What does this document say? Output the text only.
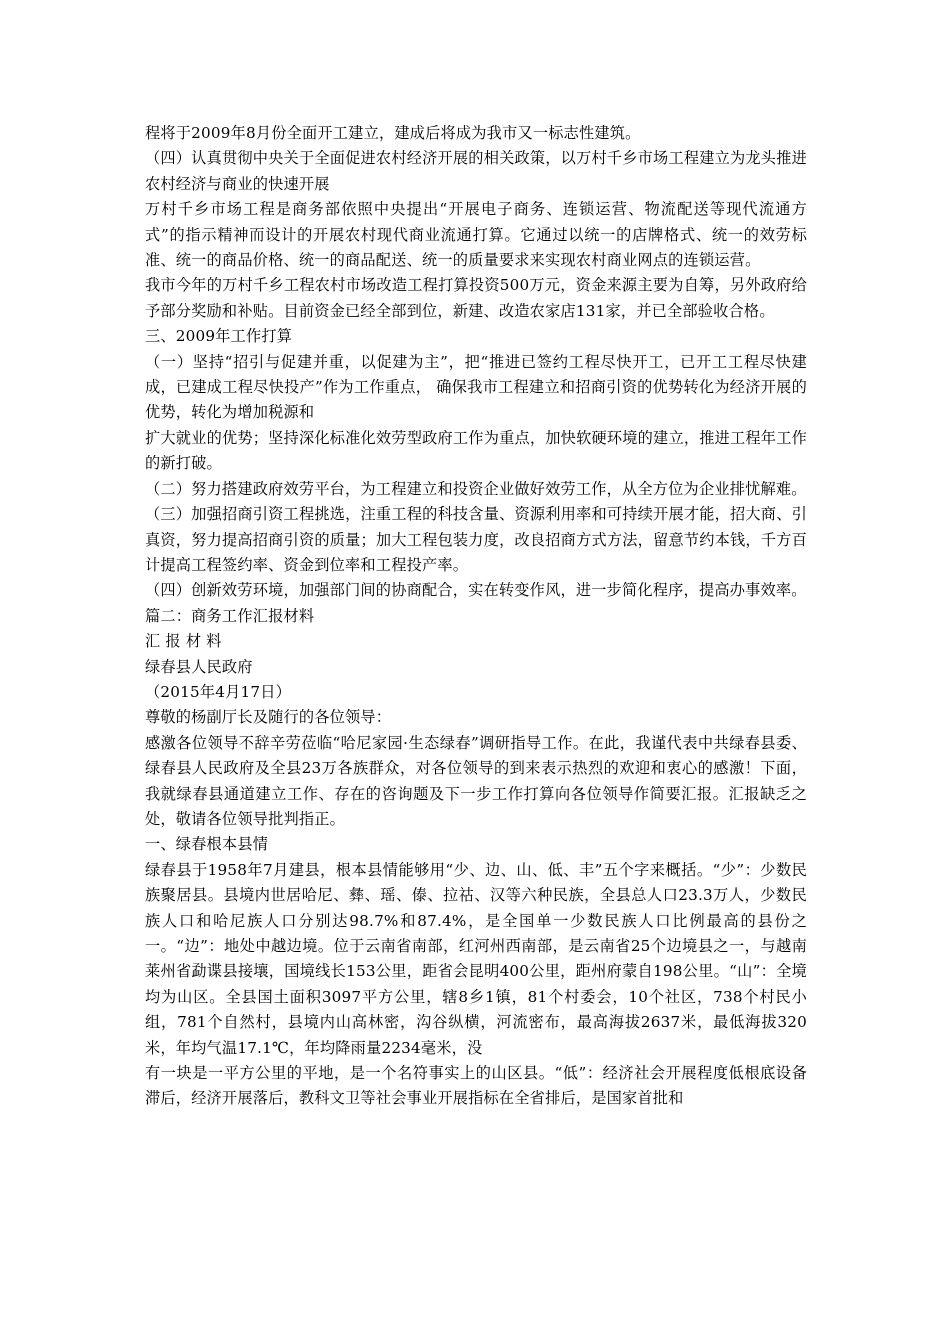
程将于2009年8月份全面开工建立，建成后将成为我市又一标志性建筑。

（四）认真贯彻中央关于全面促进农村经济开展的相关政策，以万村千乡市场工程建立为龙头推进农村经济与商业的快速开展

万村千乡市场工程是商务部依照中央提出“开展电子商务、连锁运营、物流配送等现代流通方式”的指示精神而设计的开展农村现代商业流通打算。它通过以统一的店牌格式、统一的效劳标准、统一的商品价格、统一的商品配送、统一的质量要求来实现农村商业网点的连锁运营。

我市今年的万村千乡工程农村市场改造工程打算投资500万元，资金来源主要为自筹，另外政府给予部分奖励和补贴。目前资金已经全部到位，新建、改造农家店131家，并已全部验收合格。

三、2009年工作打算

（一）坚持“招引与促建并重，以促建为主”，把“推进已签约工程尽快开工，已开工工程尽快建成，已建成工程尽快投产”作为工作重点， 确保我市工程建立和招商引资的优势转化为经济开展的优势，转化为增加税源和

扩大就业的优势；坚持深化标准化效劳型政府工作为重点，加快软硬环境的建立，推进工程年工作的新打破。

（二）努力搭建政府效劳平台，为工程建立和投资企业做好效劳工作，从全方位为企业排忧解难。

（三）加强招商引资工程挑选，注重工程的科技含量、资源利用率和可持续开展才能，招大商、引真资，努力提高招商引资的质量；加大工程包装力度，改良招商方式方法，留意节约本钱，千方百计提高工程签约率、资金到位率和工程投产率。

（四）创新效劳环境，加强部门间的协商配合，实在转变作风，进一步简化程序，提高办事效率。

篇二：商务工作汇报材料

汇 报 材 料

绿春县人民政府

（2015年4月17日）

尊敬的杨副厅长及随行的各位领导：

感激各位领导不辞辛劳莅临“哈尼家园·生态绿春”调研指导工作。在此，我谨代表中共绿春县委、绿春县人民政府及全县23万各族群众，对各位领导的到来表示热烈的欢迎和衷心的感激！下面，我就绿春县通道建立工作、存在的咨询题及下一步工作打算向各位领导作简要汇报。汇报缺乏之处，敬请各位领导批判指正。

一、绿春根本县情

绿春县于1958年7月建县，根本县情能够用“少、边、山、低、丰”五个字来概括。“少”：少数民族聚居县。县境内世居哈尼、彝、瑶、傣、拉祜、汉等六种民族，全县总人口23.3万人，少数民族人口和哈尼族人口分别达98.7%和87.4%，是全国单一少数民族人口比例最高的县份之一。“边”：地处中越边境。位于云南省南部，红河州西南部，是云南省25个边境县之一，与越南莱州省勐谍县接壤，国境线长153公里，距省会昆明400公里，距州府蒙自198公里。“山”：全境均为山区。全县国土面积3097平方公里，辖8乡1镇，81个村委会，10个社区，738个村民小组，781个自然村，县境内山高林密，沟谷纵横，河流密布，最高海拔2637米，最低海拔320米，年均气温17.1℃，年均降雨量2234毫米，没

有一块是一平方公里的平地，是一个名符事实上的山区县。“低”：经济社会开展程度低根底设备滞后，经济开展落后，教科文卫等社会事业开展指标在全省排后，是国家首批和
